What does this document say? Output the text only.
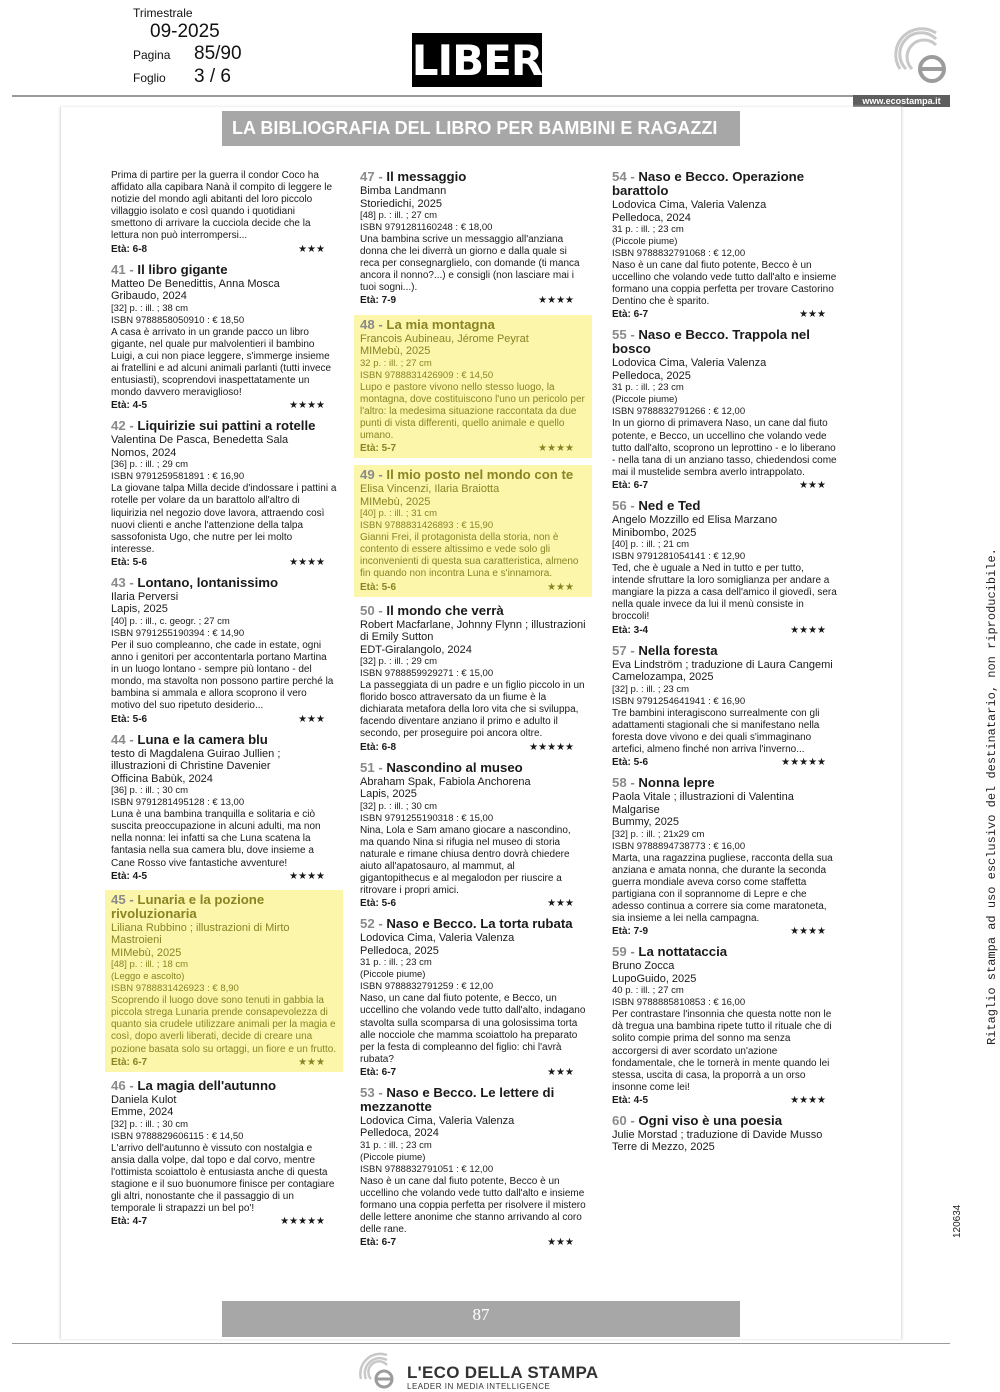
Trimestrale
09-2025
Pagina 85/90
Foglio 3 / 6	LIBER
www.ecostampa.it
LA BIBLIOGRAFIA DEL LIBRO PER BAMBINI E RAGAZZI
Prima di partire per la guerra il condor Coco ha affidato alla capibara Nanà il compito di leggere le notizie del mondo agli abitanti del loro piccolo villaggio isolato e così quando i quotidiani smettono di arrivare la cucciola decide che la lettura non può interrompersi...
Età: 6-8	★★★
41 - Il libro gigante
Matteo De Benedittis, Anna Mosca
Gribaudo, 2024
[32] p. : ill. ; 38 cm
ISBN 9788858050910 : € 18,50
A casa è arrivato in un grande pacco un libro gigante, nel quale pur malvolentieri il bambino Luigi, a cui non piace leggere, s'immerge insieme ai fratellini e ad alcuni animali parlanti (tutti invece entusiasti), scoprendovi inaspettatamente un mondo davvero meraviglioso!
Età: 4-5	★★★★
42 - Liquirizie sui pattini a rotelle
Valentina De Pasca, Benedetta Sala
Nomos, 2024
[36] p. : ill. ; 29 cm
ISBN 9791259581891 : € 16,90
La giovane talpa Milla decide d'indossare i pattini a rotelle per volare da un barattolo all'altro di liquirizia nel negozio dove lavora, attraendo così nuovi clienti e anche l'attenzione della talpa sassofonista Ugo, che nutre per lei molto interesse.
Età: 5-6	★★★★
43 - Lontano, lontanissimo
Ilaria Perversi
Lapis, 2025
[40] p. : ill., c. geogr. ; 27 cm
ISBN 9791255190394 : € 14,90
Per il suo compleanno, che cade in estate, ogni anno i genitori per accontentarla portano Martina in un luogo lontano - sempre più lontano - del mondo, ma stavolta non possono partire perché la bambina si ammala e allora scoprono il vero motivo del suo ripetuto desiderio...
Età: 5-6	★★★
44 - Luna e la camera blu
testo di Magdalena Guirao Jullien ; illustrazioni di Christine Davenier
Officina Babùk, 2024
[36] p. : ill. ; 30 cm
ISBN 9791281495128 : € 13,00
Luna è una bambina tranquilla e solitaria e ciò suscita preoccupazione in alcuni adulti, ma non nella nonna: lei infatti sa che Luna scatena la fantasia nella sua camera blu, dove insieme a Cane Rosso vive fantastiche avventure!
Età: 4-5	★★★★
45 - Lunaria e la pozione rivoluzionaria
Liliana Rubbino ; illustrazioni di Mirto Mastroieni
MIMebù, 2025
[48] p. : ill. ; 18 cm
(Leggo e ascolto)
ISBN 9788831426923 : € 8,90
Scoprendo il luogo dove sono tenuti in gabbia la piccola strega Lunaria prende consapevolezza di quanto sia crudele utilizzare animali per la magia e così, dopo averli liberati, decide di creare una pozione basata solo su ortaggi, un fiore e un frutto.
Età: 6-7	★★★
46 - La magia dell'autunno
Daniela Kulot
Emme, 2024
[32] p. : ill. ; 30 cm
ISBN 9788829606115 : € 14,50
L'arrivo dell'autunno è vissuto con nostalgia e ansia dalla volpe, dal topo e dal corvo, mentre l'ottimista scoiattolo è entusiasta anche di questa stagione e il suo buonumore finisce per contagiare gli altri, nonostante che il passaggio di un temporale li strapazzi un bel po'!
Età: 4-7	★★★★★
47 - Il messaggio
Bimba Landmann
Storiedichi, 2025
[48] p. : ill. ; 27 cm
ISBN 9791281160248 : € 18,00
Una bambina scrive un messaggio all'anziana donna che lei diverrà un giorno e dalla quale si reca per consegnarglielo, con domande (ti manca ancora il nonno?...) e consigli (non lasciare mai i tuoi sogni...).
Età: 7-9	★★★★
48 - La mia montagna
Francois Aubineau, Jérome Peyrat
MIMebù, 2025
32 p. : ill. ; 27 cm
ISBN 9788831426909 : € 14,50
Lupo e pastore vivono nello stesso luogo, la montagna, dove costituiscono l'uno un pericolo per l'altro: la medesima situazione raccontata da due punti di vista differenti, quello animale e quello umano.
Età: 5-7	★★★★
49 - Il mio posto nel mondo con te
Elisa Vincenzi, Ilaria Braiotta
MIMebù, 2025
[40] p. : ill. ; 31 cm
ISBN 9788831426893 : € 15,90
Gianni Frei, il protagonista della storia, non è contento di essere altissimo e vede solo gli inconvenienti di questa sua caratteristica, almeno fin quando non incontra Luna e s'innamora.
Età: 5-6	★★★
50 - Il mondo che verrà
Robert Macfarlane, Johnny Flynn ; illustrazioni di Emily Sutton
EDT-Giralangolo, 2024
[32] p. : ill. ; 29 cm
ISBN 9788859929271 : € 15,00
La passeggiata di un padre e un figlio piccolo in un florido bosco attraversato da un fiume è la dichiarata metafora della loro vita che si sviluppa, facendo diventare anziano il primo e adulto il secondo, per proseguire poi ancora oltre.
Età: 6-8	★★★★★
51 - Nascondino al museo
Abraham Spak, Fabiola Anchorena
Lapis, 2025
[32] p. : ill. ; 30 cm
ISBN 9791255190318 : € 15,00
Nina, Lola e Sam amano giocare a nascondino, ma quando Nina si rifugia nel museo di storia naturale e rimane chiusa dentro dovrà chiedere aiuto all'apatosauro, al mammut, al gigantopithecus e al megalodon per riuscire a ritrovare i propri amici.
Età: 5-6	★★★
52 - Naso e Becco. La torta rubata
Lodovica Cima, Valeria Valenza
Pelledoca, 2025
31 p. : ill. ; 23 cm
(Piccole piume)
ISBN 9788832791259 : € 12,00
Naso, un cane dal fiuto potente, e Becco, un uccellino che volando vede tutto dall'alto, indagano stavolta sulla scomparsa di una golosissima torta alle nocciole che mamma scoiattolo ha preparato per la festa di compleanno del figlio: chi l'avrà rubata?
Età: 6-7	★★★
53 - Naso e Becco. Le lettere di mezzanotte
Lodovica Cima, Valeria Valenza
Pelledoca, 2024
31 p. : ill. ; 23 cm
(Piccole piume)
ISBN 9788832791051 : € 12,00
Naso è un cane dal fiuto potente, Becco è un uccellino che volando vede tutto dall'alto e insieme formano una coppia perfetta per risolvere il mistero delle lettere anonime che stanno arrivando al coro delle rane.
Età: 6-7	★★★
54 - Naso e Becco. Operazione barattolo
Lodovica Cima, Valeria Valenza
Pelledoca, 2024
31 p. : ill. ; 23 cm
(Piccole piume)
ISBN 9788832791068 : € 12,00
Naso è un cane dal fiuto potente, Becco è un uccellino che volando vede tutto dall'alto e insieme formano una coppia perfetta per trovare Castorino Dentino che è sparito.
Età: 6-7	★★★
55 - Naso e Becco. Trappola nel bosco
Lodovica Cima, Valeria Valenza
Pelledoca, 2025
31 p. : ill. ; 23 cm
(Piccole piume)
ISBN 9788832791266 : € 12,00
In un giorno di primavera Naso, un cane dal fiuto potente, e Becco, un uccellino che volando vede tutto dall'alto, scoprono un leprottino - e lo liberano - nella tana di un anziano tasso, chiedendosi come mai il mustelide sembra averlo intrappolato.
Età: 6-7	★★★
56 - Ned e Ted
Angelo Mozzillo ed Elisa Marzano
Minibombo, 2025
[40] p. : ill. ; 21 cm
ISBN 9791281054141 : € 12,90
Ted, che è uguale a Ned in tutto e per tutto, intende sfruttare la loro somiglianza per andare a mangiare la pizza a casa dell'amico il giovedì, sera nella quale invece da lui il menù consiste in broccoli!
Età: 3-4	★★★★
57 - Nella foresta
Eva Lindström ; traduzione di Laura Cangemi
Camelozampa, 2025
[32] p. : ill. ; 23 cm
ISBN 9791254641941 : € 16,90
Tre bambini interagiscono surrealmente con gli adattamenti stagionali che si manifestano nella foresta dove vivono e dei quali s'immaginano artefici, almeno finché non arriva l'inverno...
Età: 5-6	★★★★★
58 - Nonna lepre
Paola Vitale ; illustrazioni di Valentina Malgarise
Bummy, 2025
[32] p. : ill. ; 21x29 cm
ISBN 9788894738773 : € 16,00
Marta, una ragazzina pugliese, racconta della sua anziana e amata nonna, che durante la seconda guerra mondiale aveva corso come staffetta partigiana con il soprannome di Lepre e che adesso continua a correre sia come maratoneta, sia insieme a lei nella campagna.
Età: 7-9	★★★★
59 - La nottataccia
Bruno Zocca
LupoGuido, 2025
40 p. : ill. ; 27 cm
ISBN 9788885810853 : € 16,00
Per contrastare l'insonnia che questa notte non le dà tregua una bambina ripete tutto il rituale che di solito compie prima del sonno ma senza accorgersi di aver scordato un'azione fondamentale, che le tornerà in mente quando lei stessa, uscita di casa, la proporrà a un orso insonne come lei!
Età: 4-5	★★★★
60 - Ogni viso è una poesia
Julie Morstad ; traduzione di Davide Musso
Terre di Mezzo, 2025
87
L'ECO DELLA STAMPA
LEADER IN MEDIA INTELLIGENCE
Ritaglio stampa ad uso esclusivo del destinatario, non riproducibile.
120634
